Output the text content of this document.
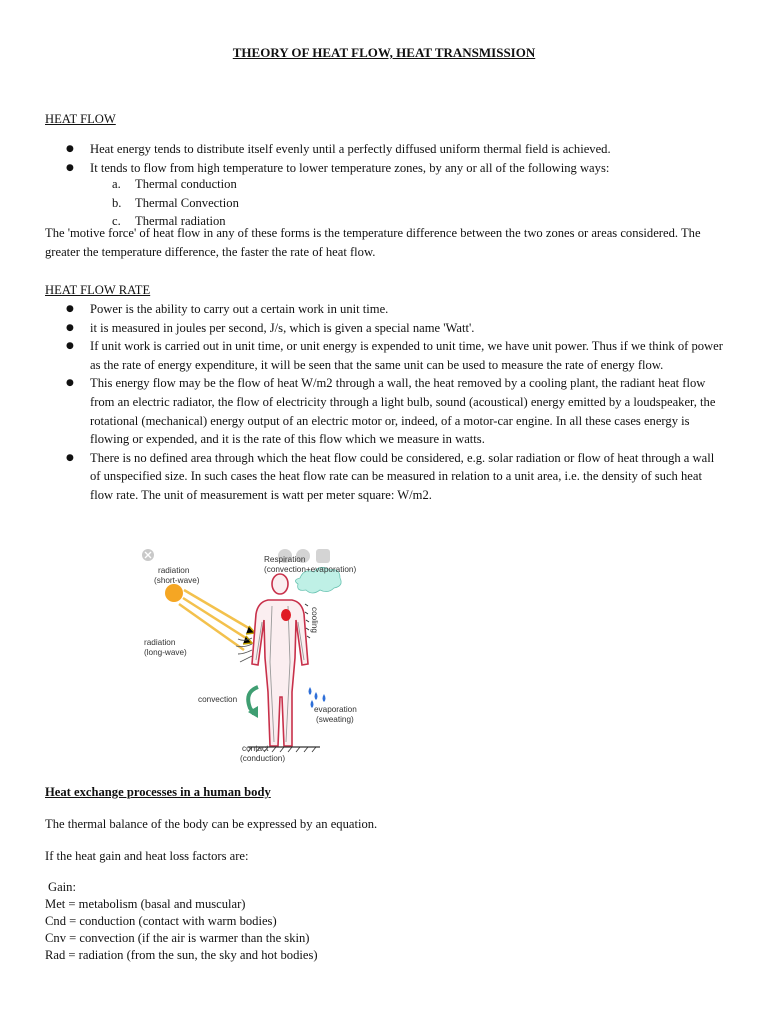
THEORY OF HEAT FLOW, HEAT TRANSMISSION
HEAT FLOW
● Heat energy tends to distribute itself evenly until a perfectly diffused uniform thermal field is achieved.
● It tends to flow from high temperature to lower temperature zones, by any or all of the following ways:
a. Thermal conduction
b. Thermal Convection
c. Thermal radiation

The 'motive force' of heat flow in any of these forms is the temperature difference between the two zones or areas considered. The greater the temperature difference, the faster the rate of heat flow.

HEAT FLOW RATE
● Power is the ability to carry out a certain work in unit time.
● it is measured in joules per second, J/s, which is given a special name 'Watt'.
● If unit work is carried out in unit time, or unit energy is expended to unit time, we have unit power. Thus if we think of power as the rate of energy expenditure, it will be seen that the same unit can be used to measure the rate of energy flow.
● This energy flow may be the flow of heat W/m2 through a wall, the heat removed by a cooling plant, the radiant heat flow from an electric radiator, the flow of electricity through a light bulb, sound (acoustical) energy emitted by a loudspeaker, the rotational (mechanical) energy output of an electric motor or, indeed, of a motor-car engine. In all these cases energy is flowing or expended, and it is the rate of this flow which we measure in watts.
● There is no defined area through which the heat flow could be considered, e.g. solar radiation or flow of heat through a wall of unspecified size. In such cases the heat flow rate can be measured in relation to a unit area, i.e. the density of such heat flow rate. The unit of measurement is watt per meter square: W/m2.
radiation
(short-wave)
Respiration
(convection+evaporation)
cooling
radiation
(long-wave)
convection
evaporation
(sweating)
contact
(conduction)
Heat exchange processes in a human body
The thermal balance of the body can be expressed by an equation.
If the heat gain and heat loss factors are:
Gain:
Met = metabolism (basal and muscular)
Cnd = conduction (contact with warm bodies)
Cnv = convection (if the air is warmer than the skin)
Rad = radiation (from the sun, the sky and hot bodies)
